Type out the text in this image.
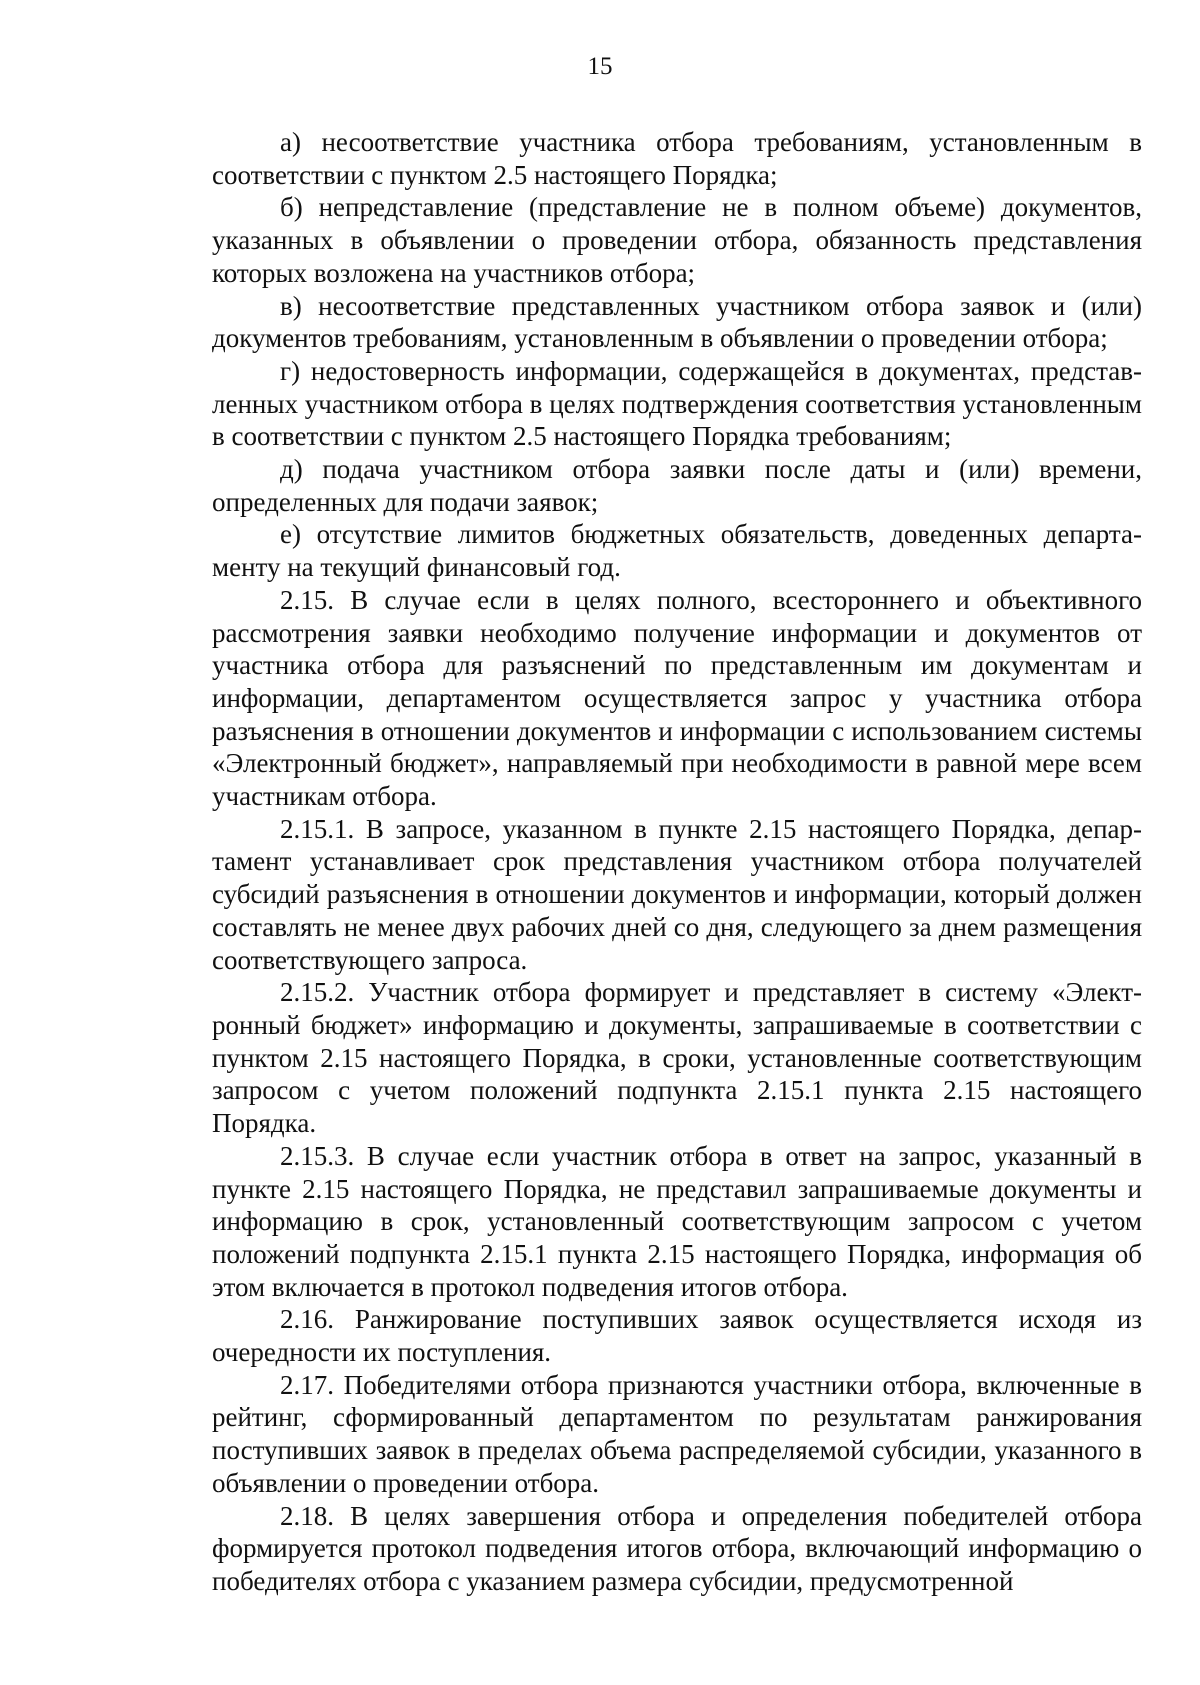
15

а) несоответствие участника отбора требованиям, установленным в соответствии с пунктом 2.5 настоящего Порядка;

б) непредставление (представление не в полном объеме) документов, указанных в объявлении о проведении отбора, обязанность представления которых возложена на участников отбора;

в) несоответствие представленных участником отбора заявок и (или) документов требованиям, установленным в объявлении о проведении отбора;

г) недостоверность информации, содержащейся в документах, представленных участником отбора в целях подтверждения соответствия установленным в соответствии с пунктом 2.5 настоящего Порядка требованиям;

д) подача участником отбора заявки после даты и (или) времени, определенных для подачи заявок;

е) отсутствие лимитов бюджетных обязательств, доведенных департаменту на текущий финансовый год.

2.15. В случае если в целях полного, всестороннего и объективного рассмотрения заявки необходимо получение информации и документов от участника отбора для разъяснений по представленным им документам и информации, департаментом осуществляется запрос у участника отбора разъяснения в отношении документов и информации с использованием системы «Электронный бюджет», направляемый при необходимости в равной мере всем участникам отбора.

2.15.1. В запросе, указанном в пункте 2.15 настоящего Порядка, департамент устанавливает срок представления участником отбора получателей субсидий разъяснения в отношении документов и информации, который должен составлять не менее двух рабочих дней со дня, следующего за днем размещения соответствующего запроса.

2.15.2. Участник отбора формирует и представляет в систему «Электронный бюджет» информацию и документы, запрашиваемые в соответствии с пунктом 2.15 настоящего Порядка, в сроки, установленные соответствующим запросом с учетом положений подпункта 2.15.1 пункта 2.15 настоящего Порядка.

2.15.3. В случае если участник отбора в ответ на запрос, указанный в пункте 2.15 настоящего Порядка, не представил запрашиваемые документы и информацию в срок, установленный соответствующим запросом с учетом положений подпункта 2.15.1 пункта 2.15 настоящего Порядка, информация об этом включается в протокол подведения итогов отбора.

2.16. Ранжирование поступивших заявок осуществляется исходя из очередности их поступления.

2.17. Победителями отбора признаются участники отбора, включенные в рейтинг, сформированный департаментом по результатам ранжирования поступивших заявок в пределах объема распределяемой субсидии, указанного в объявлении о проведении отбора.

2.18. В целях завершения отбора и определения победителей отбора формируется протокол подведения итогов отбора, включающий информацию о победителях отбора с указанием размера субсидии, предусмотренной
